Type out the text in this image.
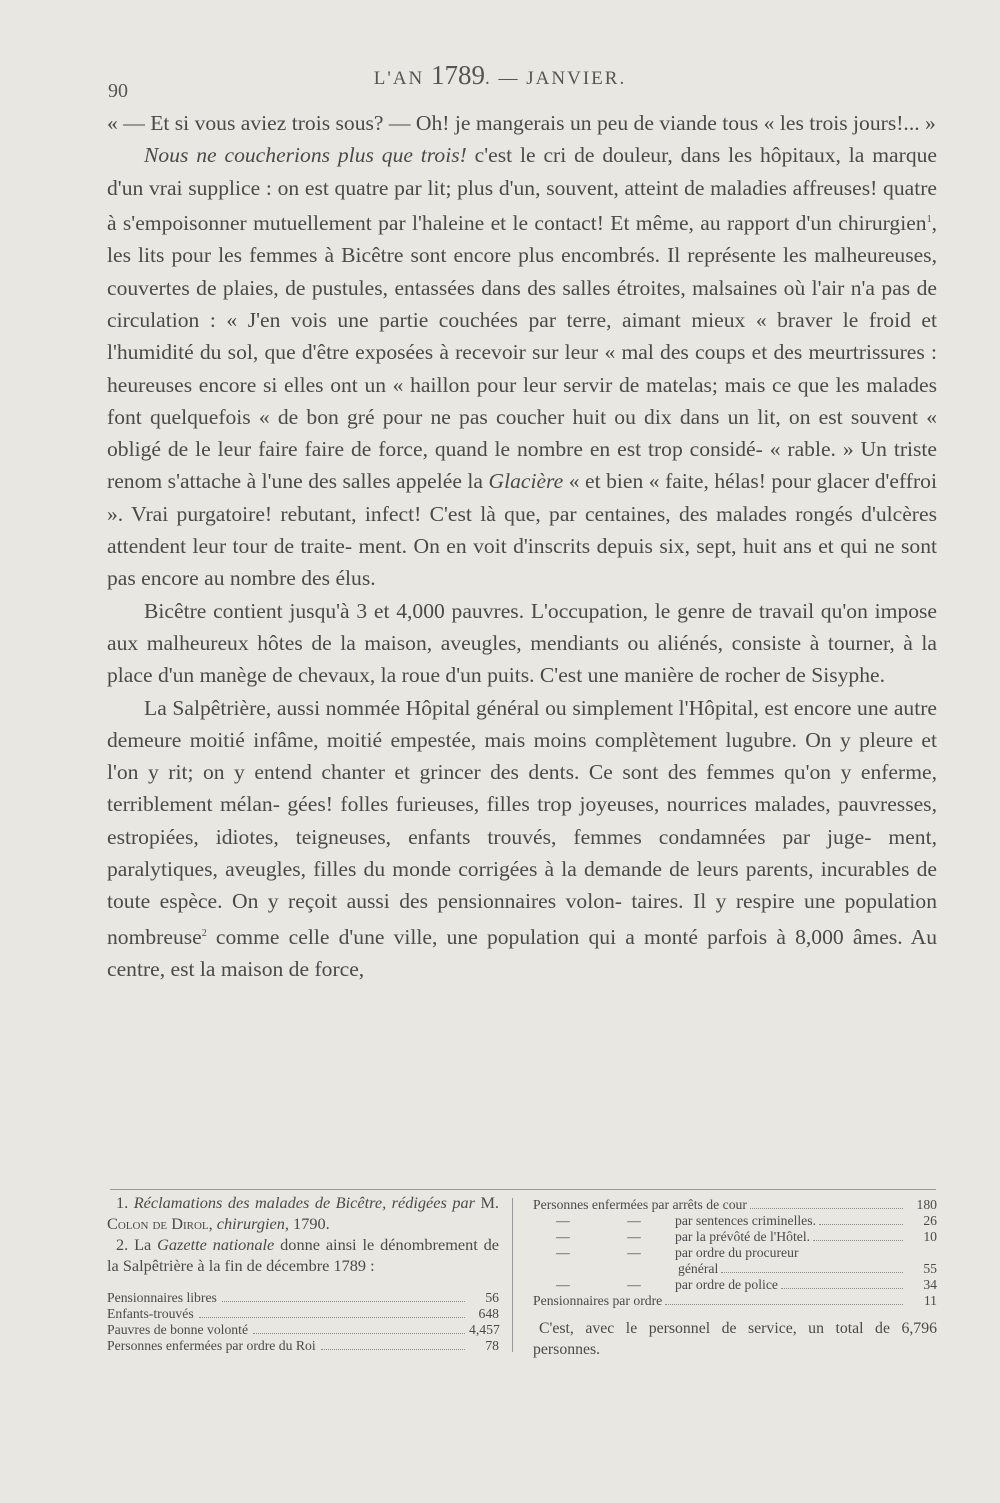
90
L'AN 1789. — JANVIER.

« — Et si vous aviez trois sous? — Oh! je mangerais un peu de viande tous « les trois jours!... »

Nous ne coucherions plus que trois! c'est le cri de douleur, dans les hôpitaux, la marque d'un vrai supplice : on est quatre par lit; plus d'un, souvent, atteint de maladies affreuses! quatre à s'empoisonner mutuellement par l'haleine et le contact! Et même, au rapport d'un chirurgien$^1$, les lits pour les femmes à Bicêtre sont encore plus encombrés. Il représente les malheureuses, couvertes de plaies, de pustules, entassées dans des salles étroites, malsaines où l'air n'a pas de circulation : « J'en vois une partie couchées par terre, aimant mieux « braver le froid et l'humidité du sol, que d'être exposées à recevoir sur leur « mal des coups et des meurtrissures : heureuses encore si elles ont un « haillon pour leur servir de matelas; mais ce que les malades font quelquefois « de bon gré pour ne pas coucher huit ou dix dans un lit, on est souvent « obligé de le leur faire faire de force, quand le nombre en est trop considé- « rable. » Un triste renom s'attache à l'une des salles appelée la Glacière « et bien « faite, hélas! pour glacer d'effroi ». Vrai purgatoire! rebutant, infect! C'est là que, par centaines, des malades rongés d'ulcères attendent leur tour de traite- ment. On en voit d'inscrits depuis six, sept, huit ans et qui ne sont pas encore au nombre des élus.

Bicêtre contient jusqu'à 3 et 4,000 pauvres. L'occupation, le genre de travail qu'on impose aux malheureux hôtes de la maison, aveugles, mendiants ou aliénés, consiste à tourner, à la place d'un manège de chevaux, la roue d'un puits. C'est une manière de rocher de Sisyphe.

La Salpêtrière, aussi nommée Hôpital général ou simplement l'Hôpital, est encore une autre demeure moitié infâme, moitié empestée, mais moins complètement lugubre. On y pleure et l'on y rit; on y entend chanter et grincer des dents. Ce sont des femmes qu'on y enferme, terriblement mélan- gées! folles furieuses, filles trop joyeuses, nourrices malades, pauvresses, estropiées, idiotes, teigneuses, enfants trouvés, femmes condamnées par juge- ment, paralytiques, aveugles, filles du monde corrigées à la demande de leurs parents, incurables de toute espèce. On y reçoit aussi des pensionnaires volon- taires. Il y respire une population nombreuse$^2$ comme celle d'une ville, une population qui a monté parfois à 8,000 âmes. Au centre, est la maison de force,

1. Réclamations des malades de Bicêtre, rédigées par M. Colon de Dirol, chirurgien, 1790.

2. La Gazette nationale donne ainsi le dénombrement de la Salpêtrière à la fin de décembre 1789 :

Pensionnaires libres	56
Enfants-trouvés	648
Pauvres de bonne volonté	4,457
Personnes enfermées par ordre du Roi	78
Personnes enfermées par arrêts de cour	180
—	— par sentences criminelles.	26
—	— par la prévôté de l'Hôtel.	10
—	— par ordre du procureur
général	55
—	— par ordre de police	34
Pensionnaires par ordre	11
C'est, avec le personnel de service, un total de 6,796 personnes.
